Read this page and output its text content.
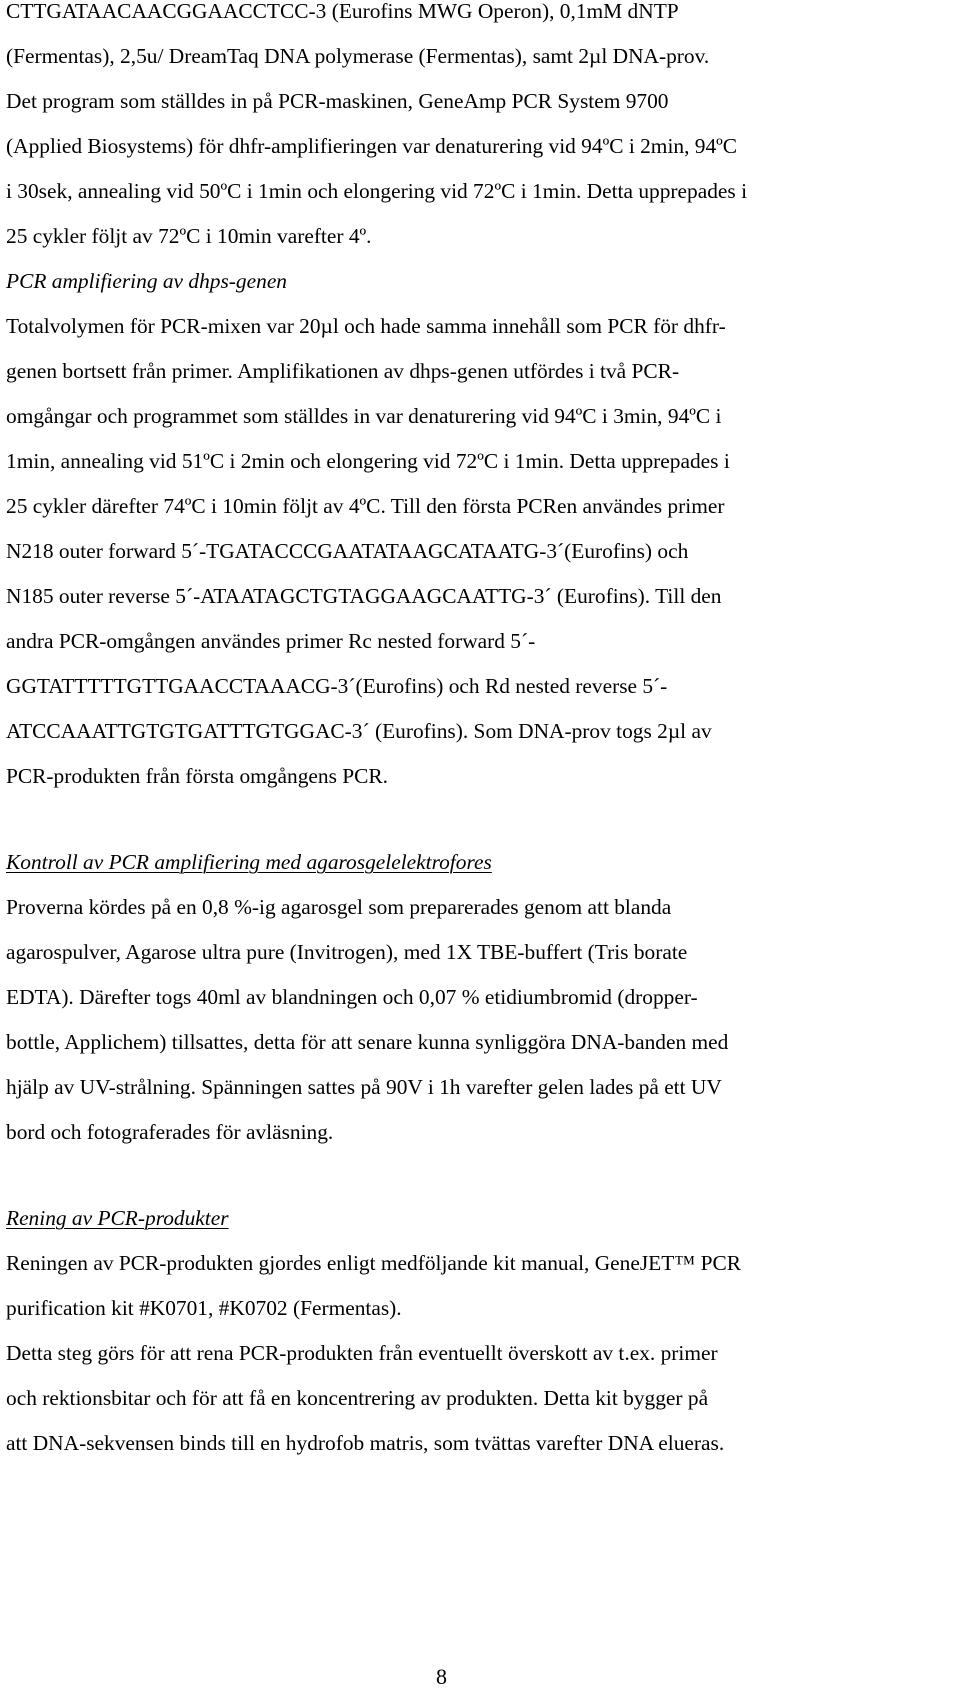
CTTGATAACAACGGAACCTCC-3 (Eurofins MWG Operon), 0,1mM dNTP
(Fermentas), 2,5u/ DreamTaq DNA polymerase (Fermentas), samt 2µl DNA-prov.
Det program som ställdes in på PCR-maskinen, GeneAmp PCR System 9700
(Applied Biosystems) för dhfr-amplifieringen var denaturering vid 94ºC i 2min, 94ºC
i 30sek, annealing vid 50ºC i 1min och elongering vid 72ºC i 1min. Detta upprepades i
25 cykler följt av 72ºC i 10min varefter 4º.
PCR amplifiering av dhps-genen
Totalvolymen för PCR-mixen var 20µl och hade samma innehåll som PCR för dhfr-
genen bortsett från primer. Amplifikationen av dhps-genen utfördes i två PCR-
omgångar och programmet som ställdes in var denaturering vid 94ºC i 3min, 94ºC i
1min, annealing vid 51ºC i 2min och elongering vid 72ºC i 1min. Detta upprepades i
25 cykler därefter 74ºC i 10min följt av 4ºC. Till den första PCRen användes primer
N218 outer forward 5´-TGATACCCGAATATAAGCATAATG-3´(Eurofins) och
N185 outer reverse 5´-ATAATAGCTGTAGGAAGCAATTG-3´ (Eurofins). Till den
andra PCR-omgången användes primer Rc nested forward 5´-
GGTATTTTTGTTGAACCTAAACG-3´(Eurofins) och Rd nested reverse 5´-
ATCCAAATTGTGTGATTTGTGGAC-3´ (Eurofins). Som DNA-prov togs 2µl av
PCR-produkten från första omgångens PCR.
Kontroll av PCR amplifiering med agarosgelelektrofores
Proverna kördes på en 0,8 %-ig agarosgel som preparerades genom att blanda
agarospulver, Agarose ultra pure (Invitrogen), med 1X TBE-buffert (Tris borate
EDTA). Därefter togs 40ml av blandningen och 0,07 % etidiumbromid (dropper-
bottle, Applichem) tillsattes, detta för att senare kunna synliggöra DNA-banden med
hjälp av UV-strålning. Spänningen sattes på 90V i 1h varefter gelen lades på ett UV
bord och fotograferades för avläsning.
Rening av PCR-produkter
Reningen av PCR-produkten gjordes enligt medföljande kit manual, GeneJET™ PCR
purification kit #K0701, #K0702 (Fermentas).
Detta steg görs för att rena PCR-produkten från eventuellt överskott av t.ex. primer
och rektionsbitar och för att få en koncentrering av produkten. Detta kit bygger på
att DNA-sekvensen binds till en hydrofob matris, som tvättas varefter DNA elueras.
8
